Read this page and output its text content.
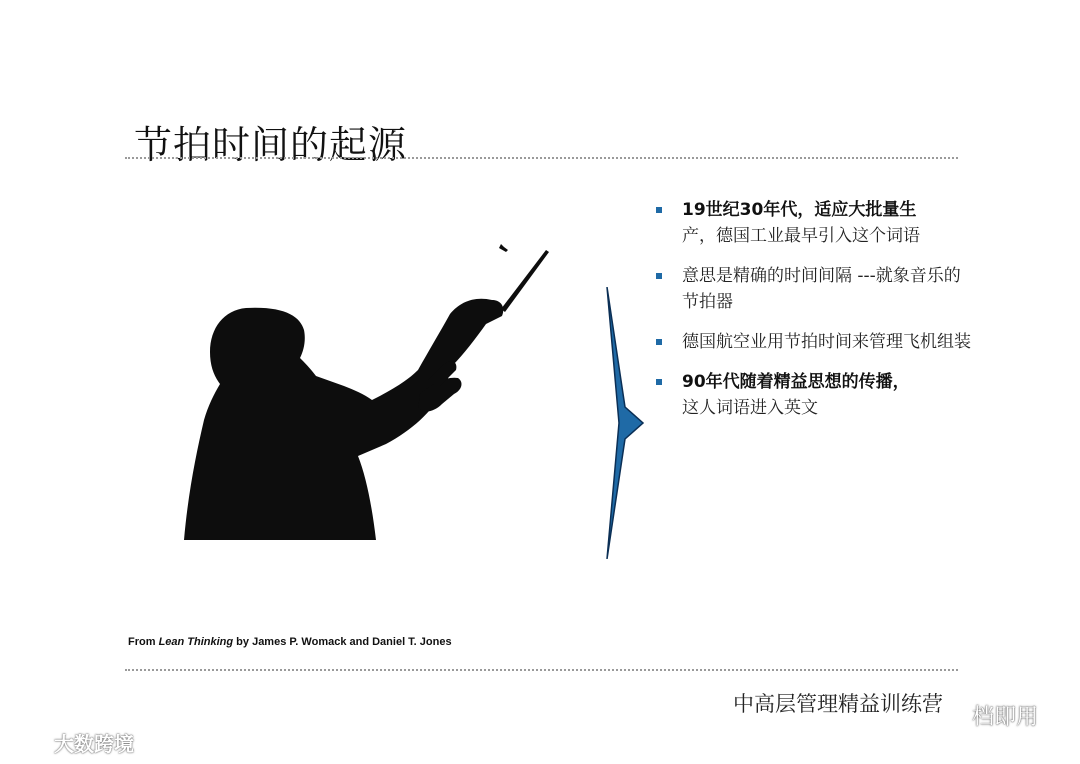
节拍时间的起源
19世纪30年代，适应大批量生
产，德国工业最早引入这个词语
意思是精确的时间间隔 ---就象音乐的节拍器
德国航空业用节拍时间来管理飞机组装
90年代随着精益思想的传播，
这人词语进入英文
From Lean Thinking by James P. Womack and Daniel T. Jones
中高层管理精益训练营
大数跨境
档即用
